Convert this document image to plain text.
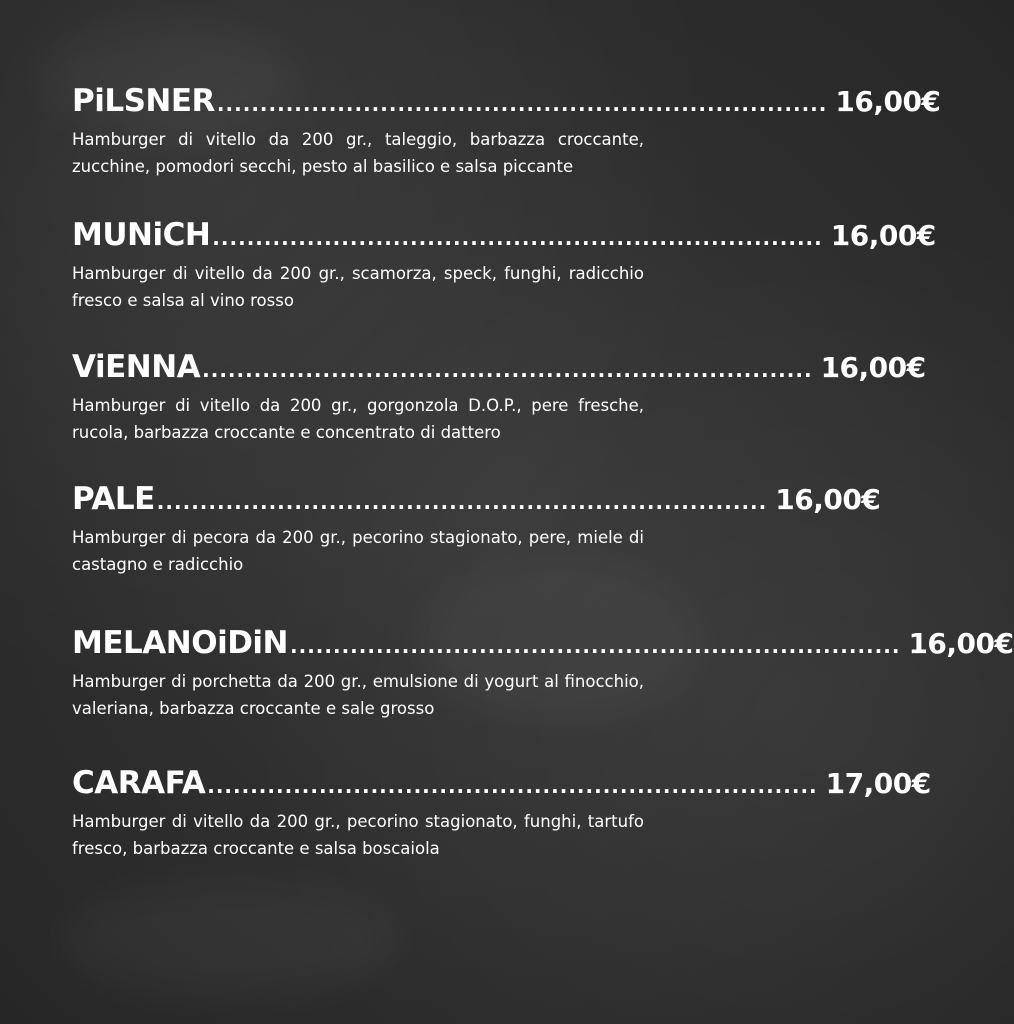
PiLSNER ....................................................................... 16,00€
Hamburger di vitello da 200 gr., taleggio, barbazza croccante, zucchine, pomodori secchi, pesto al basilico e salsa piccante
MUNiCH ....................................................................... 16,00€
Hamburger di vitello da 200 gr., scamorza, speck, funghi, radicchio fresco e salsa al vino rosso
ViENNA ....................................................................... 16,00€
Hamburger di vitello da 200 gr., gorgonzola D.O.P., pere fresche, rucola, barbazza croccante e concentrato di dattero
PALE ....................................................................... 16,00€
Hamburger di pecora da 200 gr., pecorino stagionato, pere, miele di castagno e radicchio
MELANOiDiN ....................................................................... 16,00€
Hamburger di porchetta da 200 gr., emulsione di yogurt al finocchio, valeriana, barbazza croccante e sale grosso
CARAFA ....................................................................... 17,00€
Hamburger di vitello da 200 gr., pecorino stagionato, funghi, tartufo fresco, barbazza croccante e salsa boscaiola
